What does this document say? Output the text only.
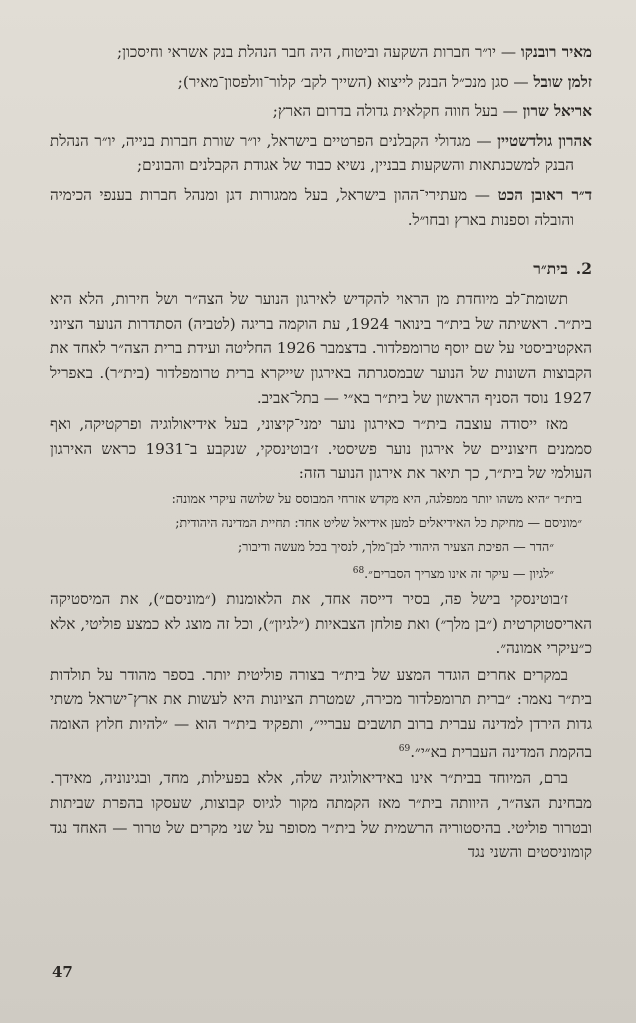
מאיר רובנקו — יו״ר חברות השקעה וביטוח, היה חבר הנהלת בנק אשראי וחיסכון;

זלמן שובל — סגן מנכ״ל הבנק לייצוא (השייך לקב׳ קלור־וולפסון־מאיר);

אריאל שרון — בעל חווה חקלאית גדולה בדרום הארץ;

אהרון גולדשטיין — מגדולי הקבלנים הפרטיים בישראל, יו״ר שורת חברות בנייה, יו״ר הנהלת הבנק למשכנתאות והשקעות בבניין, נשיא כבוד של אגודת הקבלנים והבונים;

ד״ר ראובן הכט — מעתירי־ההון בישראל, בעל ממגורות דגן ומנהל חברות בענפי הכימיה והובלה וספנות בארץ ובחו״ל.

2.
בית״ר

תשומת־לב מיוחדת מן הראוי להקדיש לאירגון הנוער של הצה״ר ושל חירות, הלא היא בית״ר. ראשיתה של בית״ר בינואר 1924, עת הוקמה בריגה (לטביה) הסתדרות הנוער הציוני האקטיביסטי על שם יוסף טרומפלדור. בדצמבר 1926 החליטה ועידת ברית הצה״ר לאחד את הקבוצות השונות של הנוער שבמסגרתה באירגון שייקרא ברית טרומפלדור (בית״ר). באפריל 1927 נוסד הסניף הראשון של בית״ר בא״י — בתל־אביב.

מאז ייסודה עוצבה בית״ר כאירגון נוער ימני־קיצוני, בעל אידיאולוגיה ופרקטיקה, ואף סממנים חיצוניים של אירגון נוער פשיסטי. ז׳בוטינסקי, שנקבע ב־1931 כראש האירגון העולמי של בית״ר, כך תיאר את אירגון הנוער הזה:

בית״ר ״היא משהו יותר ממפלגה, היא מקדש אזרחי המבוסס על שלושה עיקרי אמונה:
״מוניסם — מחיקת כל האידיאלים למען אידיאל שליט אחד: תחיית המדינה היהודית;
״הדר — הפיכת הצעיר היהודי לבן־מלך, לנסיך בכל מעשה ודיבור;
״לגיון — עיקר זה אינו מצריך הסברים״.$^{68}$

ז׳בוטינסקי בישל פה, בסיר דייסה אחד, את הלאומנות (״מוניסם״), את המיסטיקה האריסטוקרטית (״בן מלך״) ואת פולחן הצבאיות (״לגיון״), וכל זה מוצג לא כמצע פוליטי, אלא כ״עיקרי אמונה״.

במקרים אחרים הוגדר המצע של בית״ר בצורה פוליטית יותר. בספר מהודר על תולדות בית״ר נאמר: ״ברית תרומפלדור מכירה, שמטרת הציונות היא לעשות את ארץ־ישראל משתי גדות הירדן למדינה עברית ברוב תושבים עבריי״, ותפקיד בית״ר הוא — ״להיות חלוץ האומה בהקמת המדינה העברית בא״י״.$^{69}$

ברם, המיוחד בבית״ר אינו באידיאולוגיה שלה, אלא בפעילות, מחד, ובגינוניה, מאידך. מבחינת הצה״ר, היוותה בית״ר מאז הקמתה מקור לגיוס קבוצות, שעסקו בהפרת שביתות ובטרור פוליטי. בהיסטוריה הרשמית של בית״ר מסופר על שני מקרים של טרור — האחד נגד קומוניסטים והשני נגד

47
